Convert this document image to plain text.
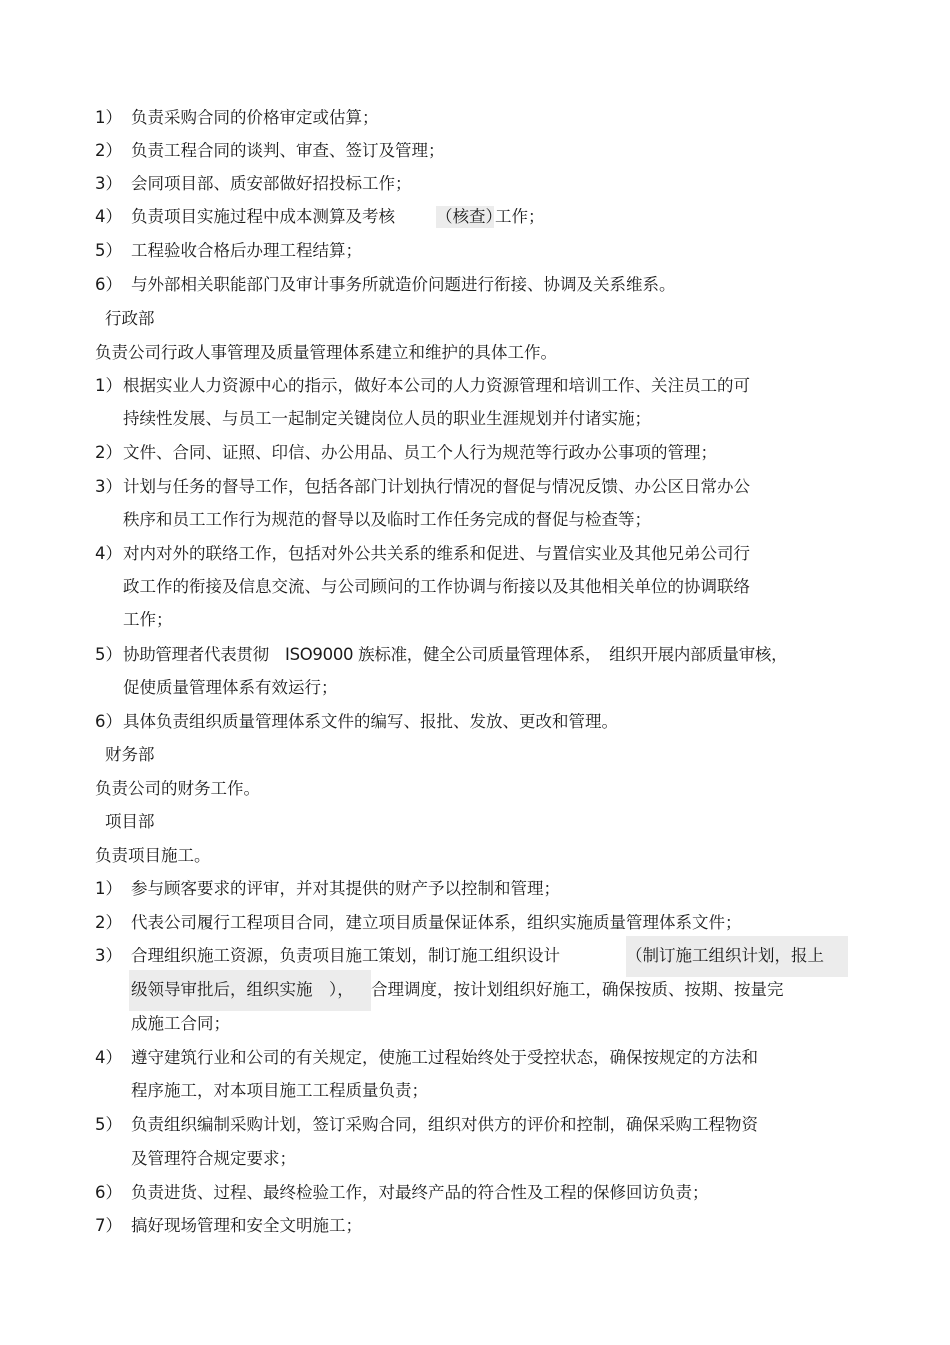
1） 负责采购合同的价格审定或估算；
2） 负责工程合同的谈判、审查、签订及管理；
3） 会同项目部、质安部做好招投标工作；
4） 负责项目实施过程中成本测算及考核 （核查）
工作；
5） 工程验收合格后办理工程结算；
6） 与外部相关职能部门及审计事务所就造价问题进行衔接、协调及关系维系。
行政部
负责公司行政人事管理及质量管理体系建立和维护的具体工作。
1） 根据实业人力资源中心的指示，做好本公司的人力资源管理和培训工作、关注员工的可
持续性发展、与员工一起制定关键岗位人员的职业生涯规划并付诸实施；
2） 文件、合同、证照、印信、办公用品、员工个人行为规范等行政办公事项的管理；
3） 计划与任务的督导工作，包括各部门计划执行情况的督促与情况反馈、办公区日常办公
秩序和员工工作行为规范的督导以及临时工作任务完成的督促与检查等；
4） 对内对外的联络工作，包括对外公共关系的维系和促进、与置信实业及其他兄弟公司行
政工作的衔接及信息交流、与公司顾问的工作协调与衔接以及其他相关单位的协调联络
工作；
5） 协助管理者代表贯彻　ISO9000 族标准，健全公司质量管理体系，　组织开展内部质量审核，
促使质量管理体系有效运行；
6） 具体负责组织质量管理体系文件的编写、报批、发放、更改和管理。
财务部
负责公司的财务工作。
项目部
负责项目施工。
1） 参与顾客要求的评审，并对其提供的财产予以控制和管理；
2） 代表公司履行工程项目合同，建立项目质量保证体系，组织实施质量管理体系文件；
3） 合理组织施工资源，负责项目施工策划，制订施工组织设计	（制订施工组织计划，报上
级领导审批后，组织实施　），	合理调度，按计划组织好施工，确保按质、按期、按量完
成施工合同；
4） 遵守建筑行业和公司的有关规定，使施工过程始终处于受控状态，确保按规定的方法和
程序施工，对本项目施工工程质量负责；
5） 负责组织编制采购计划，签订采购合同，组织对供方的评价和控制，确保采购工程物资
及管理符合规定要求；
6） 负责进货、过程、最终检验工作，对最终产品的符合性及工程的保修回访负责；
7） 搞好现场管理和安全文明施工；
